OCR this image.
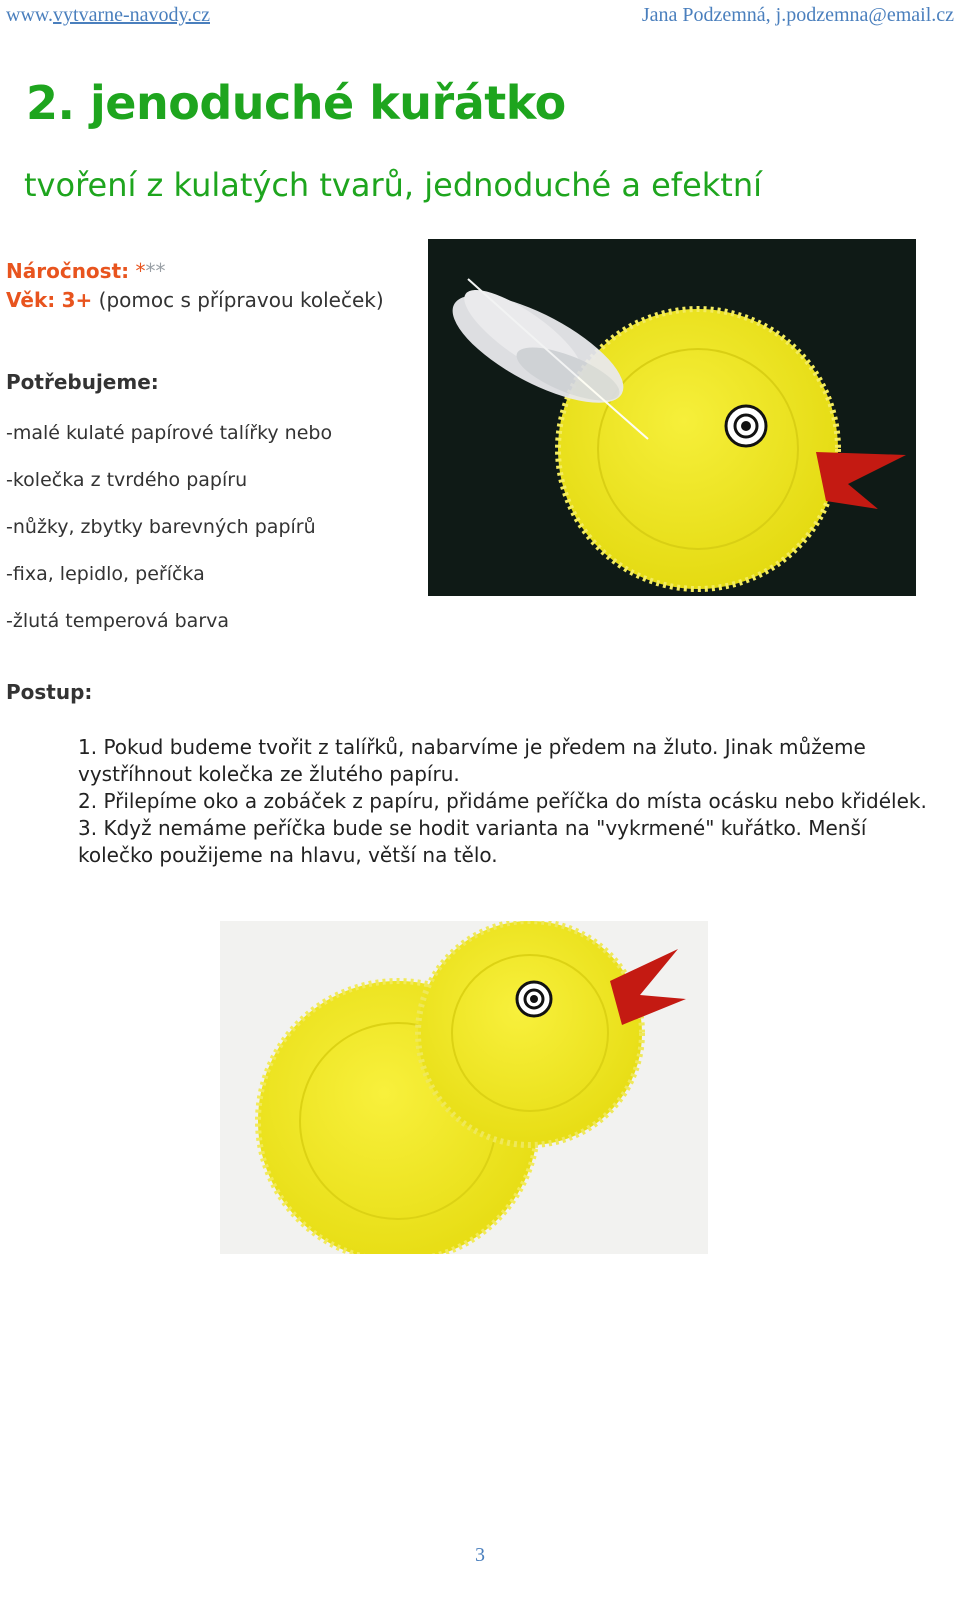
www.vytvarne-navody.cz	Jana Podzemná, j.podzemna@email.cz
2. jenoduché kuřátko
tvoření z kulatých tvarů, jednoduché a efektní
Náročnost: ***
Věk: 3+ (pomoc s přípravou koleček)
Potřebujeme:
-malé kulaté papírové talířky nebo
-kolečka z tvrdého papíru
-nůžky, zbytky barevných papírů
-fixa, lepidlo, peříčka
-žlutá temperová barva
Postup:
1. Pokud budeme tvořit z talířků, nabarvíme je předem na žluto. Jinak můžeme vystříhnout kolečka ze žlutého papíru.
2. Přilepíme oko a zobáček z papíru, přidáme peříčka do místa ocásku nebo křidélek.
3. Když nemáme peříčka bude se hodit varianta na "vykrmené" kuřátko. Menší kolečko použijeme na hlavu, větší na tělo.
3
